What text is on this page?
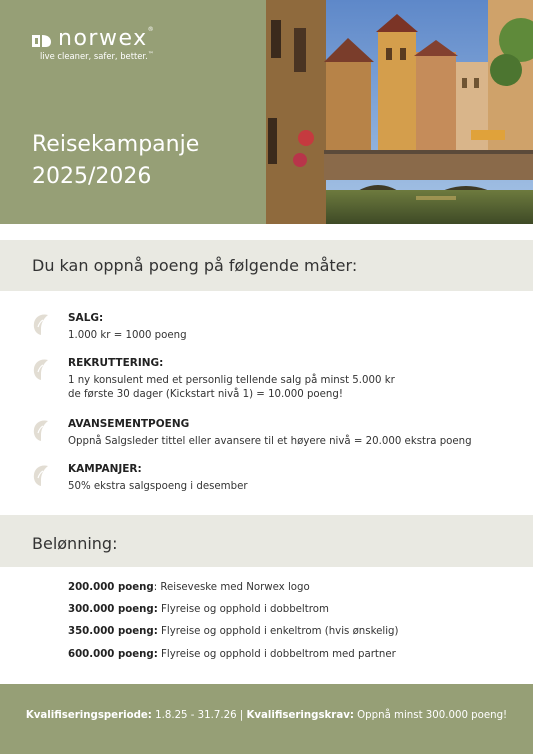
norwex®
live cleaner, safer, better.™
Reisekampanje
2025/2026
Du kan oppnå poeng på følgende måter:
SALG:
1.000 kr = 1000 poeng
REKRUTTERING:
1 ny konsulent med et personlig tellende salg på minst 5.000 kr
de første 30 dager (Kickstart nivå 1) = 10.000 poeng!
AVANSEMENTPOENG
Oppnå Salgsleder tittel eller avansere til et høyere nivå = 20.000 ekstra poeng
KAMPANJER:
50% ekstra salgspoeng i desember
Belønning:
200.000 poeng: Reiseveske med Norwex logo
300.000 poeng: Flyreise og opphold i dobbeltrom
350.000 poeng: Flyreise og opphold i enkeltrom (hvis ønskelig)
600.000 poeng: Flyreise og opphold i dobbeltrom med partner
Kvalifiseringsperiode: 1.8.25 - 31.7.26 | Kvalifiseringskrav: Oppnå minst 300.000 poeng!
